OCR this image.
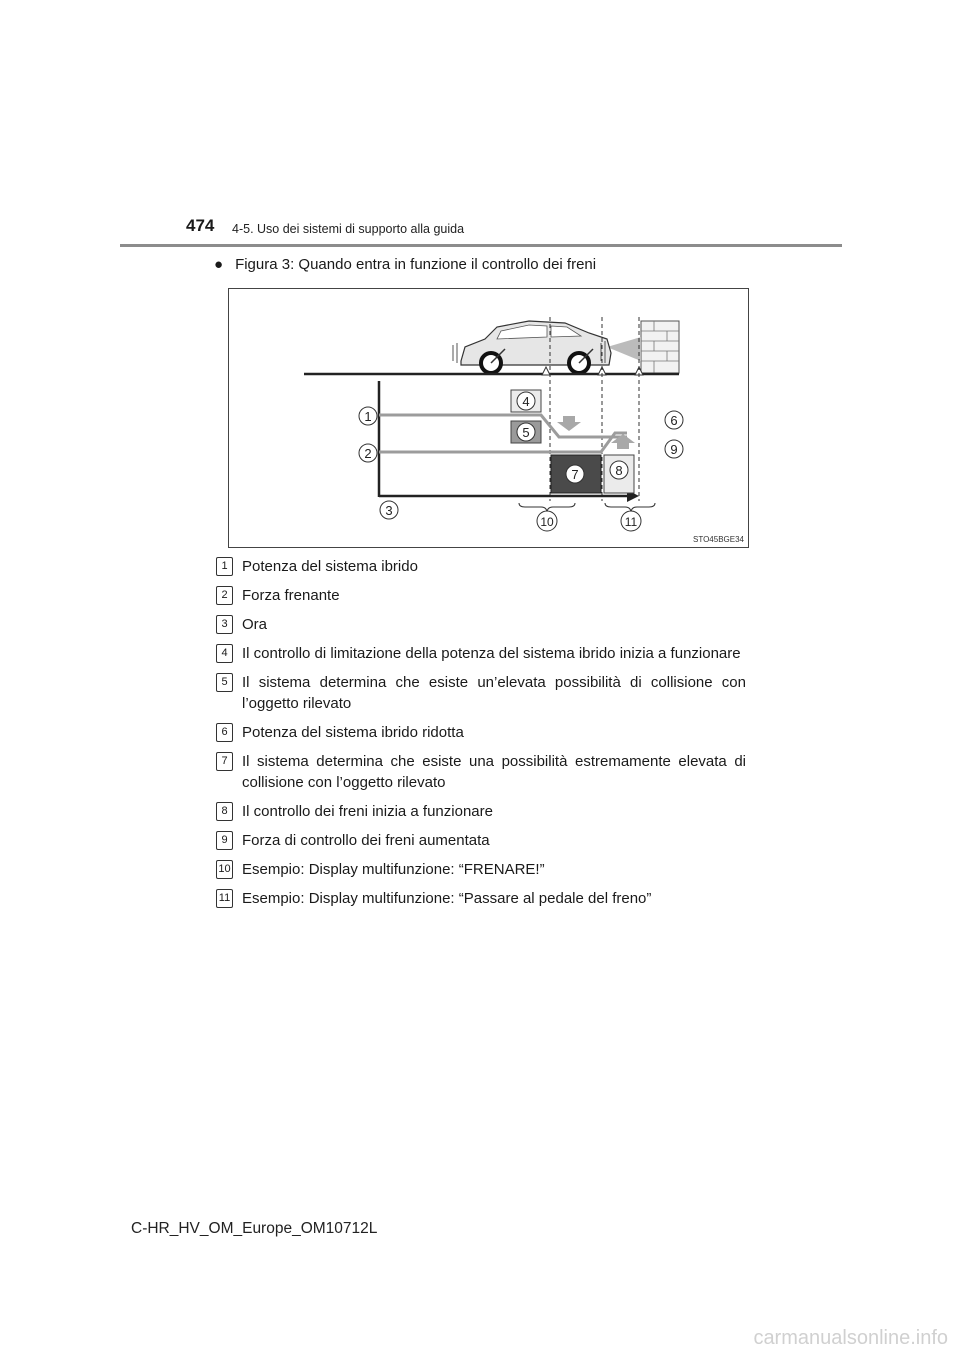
474 4-5. Uso dei sistemi di supporto alla guida
● Figura 3: Quando entra in funzione il controllo dei freni
1
2
3
4
5
6
7	8
9
10	11
STO45BGE34
1 Potenza del sistema ibrido
2 Forza frenante
3 Ora
4 Il controllo di limitazione della potenza del sistema ibrido inizia a funzionare
5 Il sistema determina che esiste un’elevata possibilità di collisione con l’oggetto rilevato
6 Potenza del sistema ibrido ridotta
7 Il sistema determina che esiste una possibilità estremamente elevata di collisione con l’oggetto rilevato
8 Il controllo dei freni inizia a funzionare
9 Forza di controllo dei freni aumentata
10 Esempio: Display multifunzione: “FRENARE!”
11 Esempio: Display multifunzione: “Passare al pedale del freno”
C-HR_HV_OM_Europe_OM10712L
carmanualsonline.info
